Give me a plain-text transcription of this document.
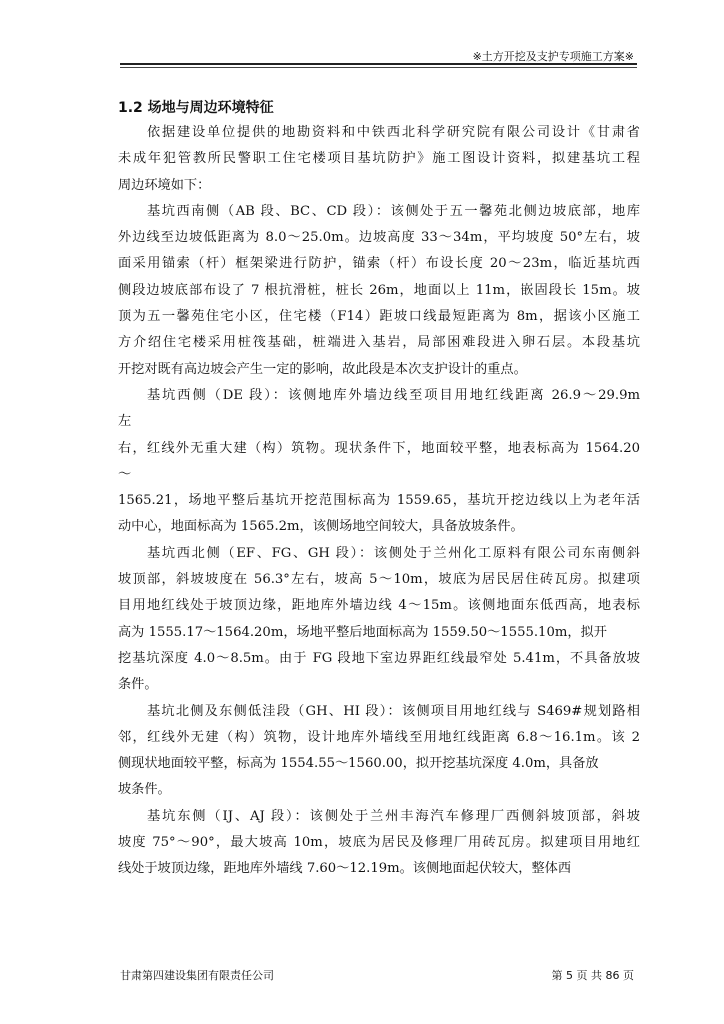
※土方开挖及支护专项施工方案※
1.2 场地与周边环境特征
依据建设单位提供的地勘资料和中铁西北科学研究院有限公司设计《甘肃省
未成年犯管教所民警职工住宅楼项目基坑防护》施工图设计资料，拟建基坑工程
周边环境如下：
基坑西南侧（AB 段、BC、CD 段）：该侧处于五一馨苑北侧边坡底部，地库
外边线至边坡低距离为 8.0～25.0m。边坡高度 33～34m，平均坡度 50°左右，坡
面采用锚索（杆）框架梁进行防护，锚索（杆）布设长度 20～23m，临近基坑西
侧段边坡底部布设了 7 根抗滑桩，桩长 26m，地面以上 11m，嵌固段长 15m。坡
顶为五一馨苑住宅小区，住宅楼（F14）距坡口线最短距离为 8m，据该小区施工
方介绍住宅楼采用桩筏基础，桩端进入基岩，局部困难段进入卵石层。本段基坑
开挖对既有高边坡会产生一定的影响，故此段是本次支护设计的重点。
基坑西侧（DE 段）：该侧地库外墙边线至项目用地红线距离 26.9～29.9m
左
右，红线外无重大建（构）筑物。现状条件下，地面较平整，地表标高为 1564.20
～
1565.21，场地平整后基坑开挖范围标高为 1559.65，基坑开挖边线以上为老年活
动中心，地面标高为 1565.2m，该侧场地空间较大，具备放坡条件。
基坑西北侧（EF、FG、GH 段）：该侧处于兰州化工原料有限公司东南侧斜
坡顶部，斜坡坡度在 56.3°左右，坡高 5～10m，坡底为居民居住砖瓦房。拟建项
目用地红线处于坡顶边缘，距地库外墙边线 4～15m。该侧地面东低西高，地表标
高为 1555.17～1564.20m，场地平整后地面标高为 1559.50～1555.10m，拟开
挖基坑深度 4.0～8.5m。由于 FG 段地下室边界距红线最窄处 5.41m，不具备放坡
条件。
基坑北侧及东侧低洼段（GH、HI 段）：该侧项目用地红线与 S469#规划路相
邻，红线外无建（构）筑物，设计地库外墙线至用地红线距离 6.8～16.1m。该 2
侧现状地面较平整，标高为 1554.55～1560.00，拟开挖基坑深度 4.0m，具备放
坡条件。
基坑东侧（IJ、AJ 段）：该侧处于兰州丰海汽车修理厂西侧斜坡顶部，斜坡
坡度 75°～90°，最大坡高 10m，坡底为居民及修理厂用砖瓦房。拟建项目用地红
线处于坡顶边缘，距地库外墙线 7.60～12.19m。该侧地面起伏较大，整体西
甘肃第四建设集团有限责任公司	第 5 页 共 86 页
